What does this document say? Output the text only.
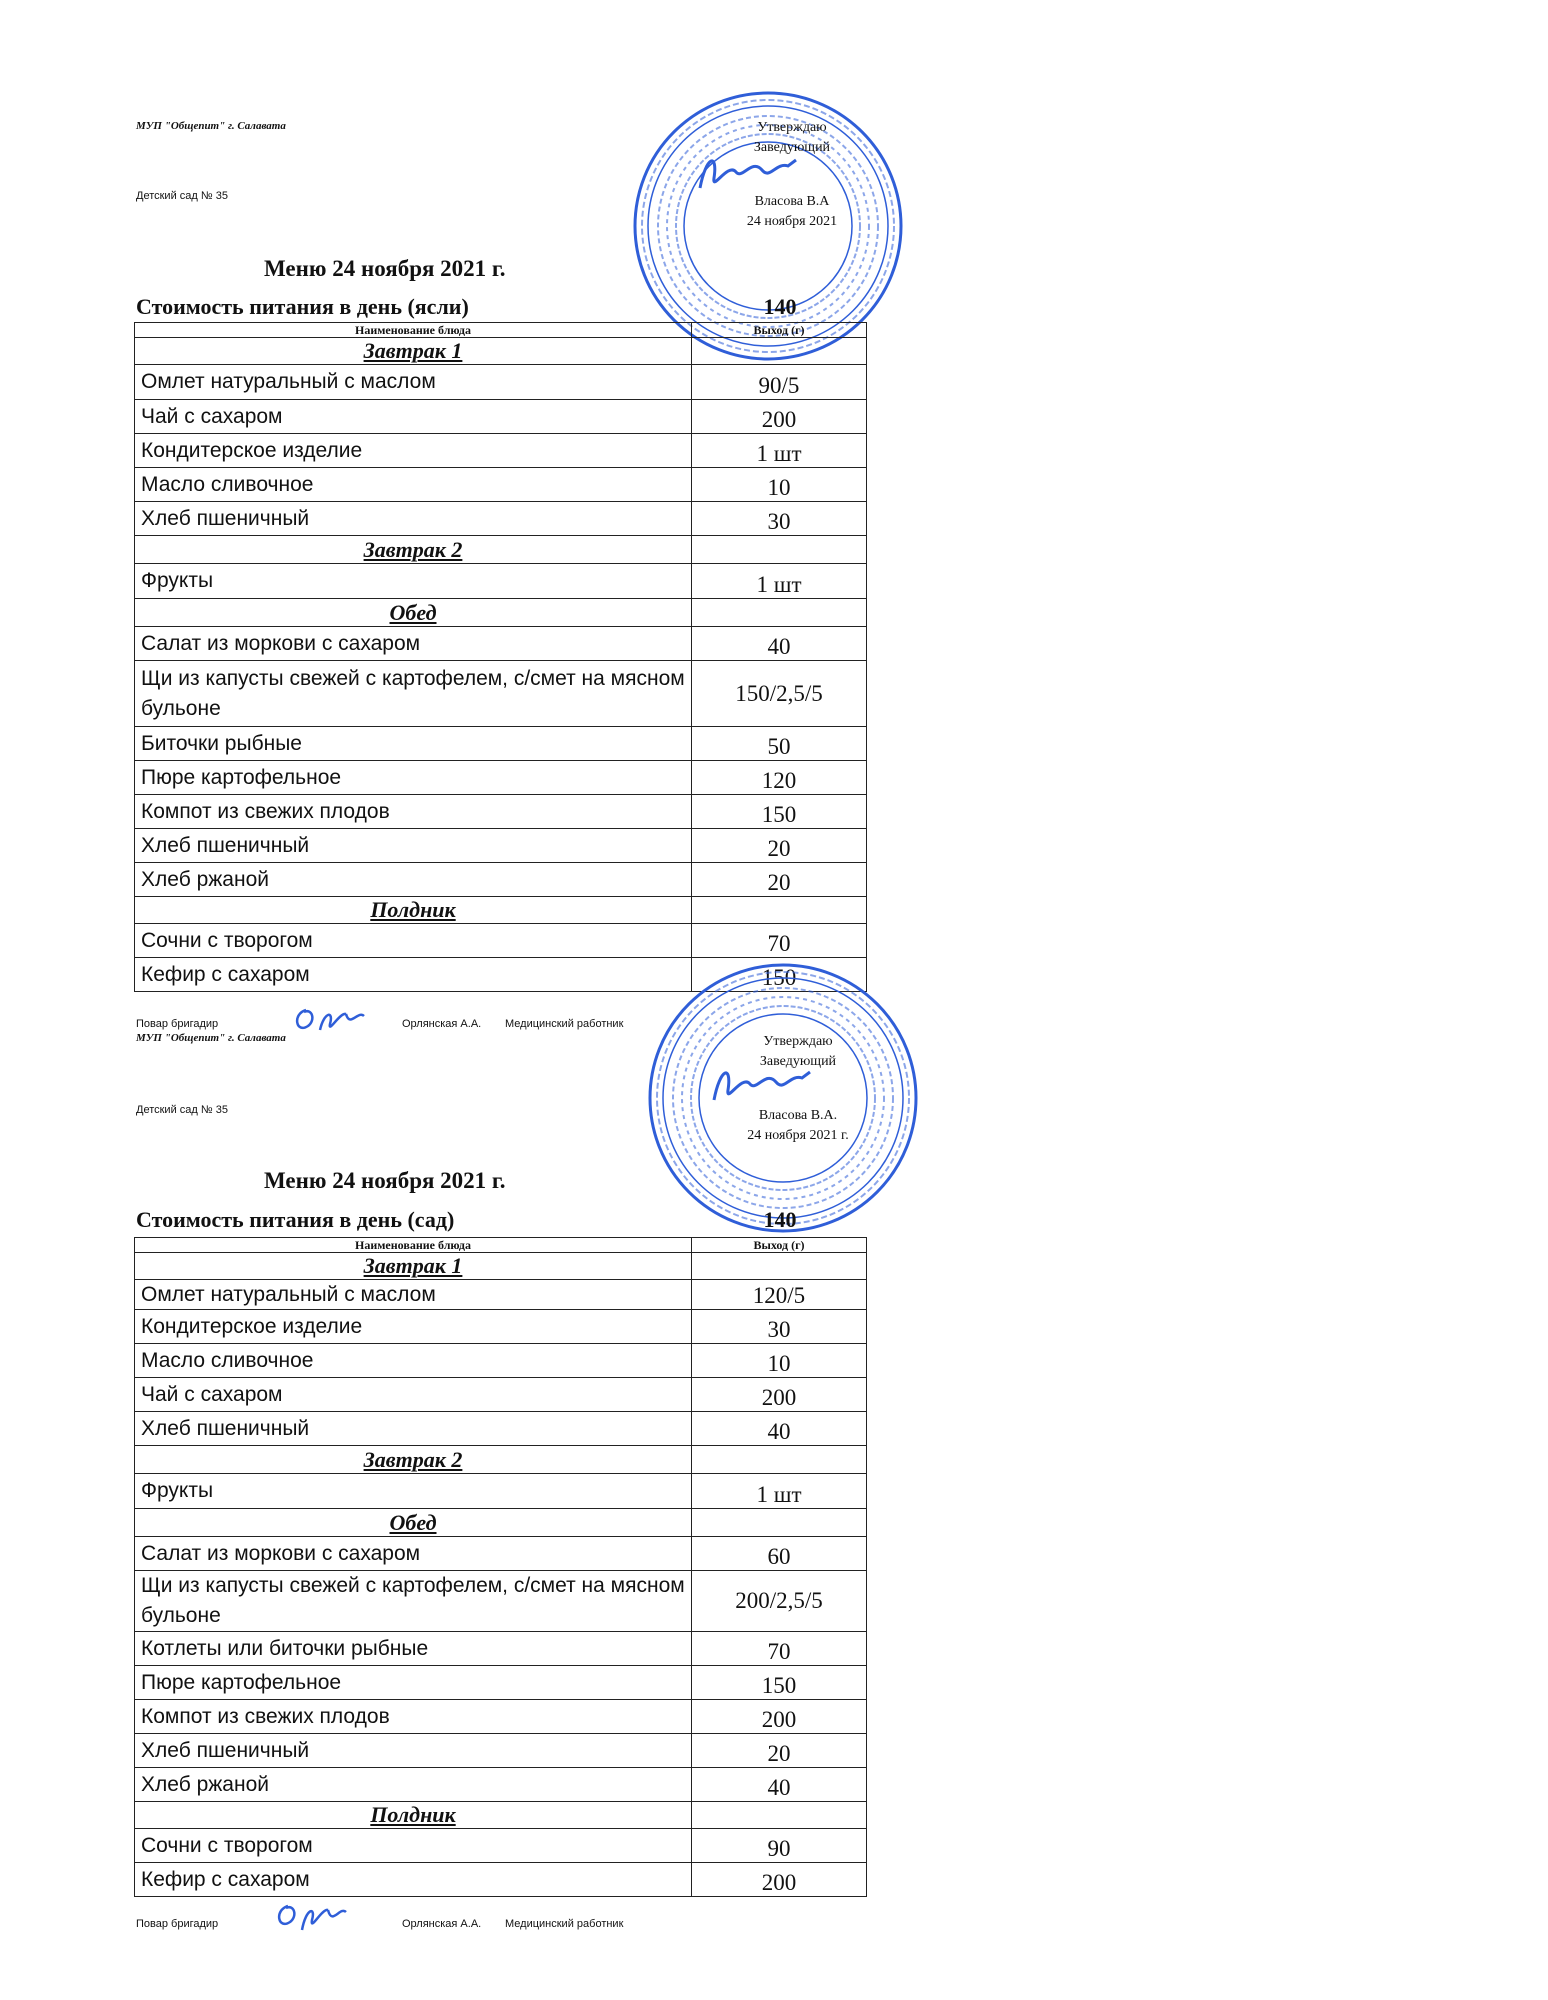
МУП "Общепит" г. Салавата
Детский сад № 35
Утверждаю
Заведующий
Власова В.А
24 ноября 2021
Меню 24 ноября 2021 г.
Стоимость питания в день (ясли)	140
Наименование блюда	Выход (г)
Завтрак 1	
Омлет натуральный с маслом	90/5
Чай с сахаром	200
Кондитерское изделие	1 шт
Масло сливочное	10
Хлеб пшеничный	30
Завтрак 2	
Фрукты	1 шт
Обед	
Салат из моркови с сахаром	40
Щи из капусты свежей с картофелем, с/смет на мясном бульоне	150/2,5/5
Биточки рыбные	50
Пюре картофельное	120
Компот из свежих плодов	150
Хлеб пшеничный	20
Хлеб ржаной	20
Полдник	
Сочни с творогом	70
Кефир с сахаром	150
Повар бригадир	Орлянская А.А. Медицинский работник
МУП "Общепит" г. Салавата
Детский сад № 35
Утверждаю
Заведующий
Власова В.А.
24 ноября 2021 г.
Меню 24 ноября 2021 г.
Стоимость питания в день (сад)	140
Наименование блюда	Выход (г)
Завтрак 1	
Омлет натуральный с маслом	120/5
Кондитерское изделие	30
Масло сливочное	10
Чай с сахаром	200
Хлеб пшеничный	40
Завтрак 2	
Фрукты	1 шт
Обед	
Салат из моркови с сахаром	60
Щи из капусты свежей с картофелем, с/смет на мясном бульоне	200/2,5/5
Котлеты или биточки рыбные	70
Пюре картофельное	150
Компот из свежих плодов	200
Хлеб пшеничный	20
Хлеб ржаной	40
Полдник	
Сочни с творогом	90
Кефир с сахаром	200
Повар бригадир	Орлянская А.А. Медицинский работник
